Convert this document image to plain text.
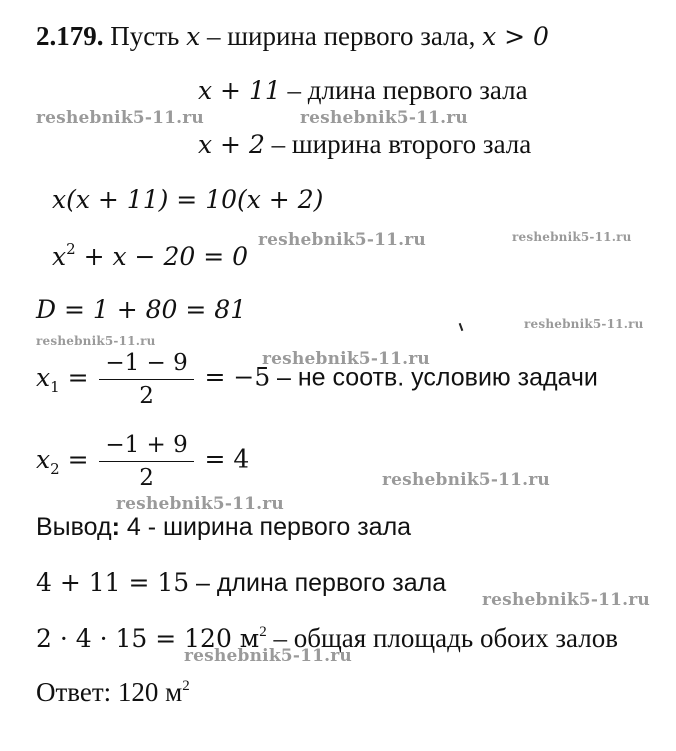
2.179. Пусть x – ширина первого зала, x > 0
x + 11 – длина первого зала
x + 2 – ширина второго зала
x(x + 11) = 10(x + 2)
$x^2 + x - 20 = 0$
D = 1 + 80 = 81
$x_1 = \frac{-1 - 9}{2} = -5$ – не соотв. условию задачи
$x_2 = \frac{-1 + 9}{2} = 4$
Вывод: 4 - ширина первого зала
4 + 11 = 15 – длина первого зала
2 · 4 · 15 = 120 $м^2$ – общая площадь обоих залов
Ответ: 120 $м^2$
reshebnik5-11.ru	reshebnik5-11.ru
reshebnik5-11.ru	reshebnik5-11.ru
reshebnik5-11.ru
reshebnik5-11.ru
reshebnik5-11.ru
reshebnik5-11.ru
reshebnik5-11.ru
reshebnik5-11.ru
reshebnik5-11.ru
